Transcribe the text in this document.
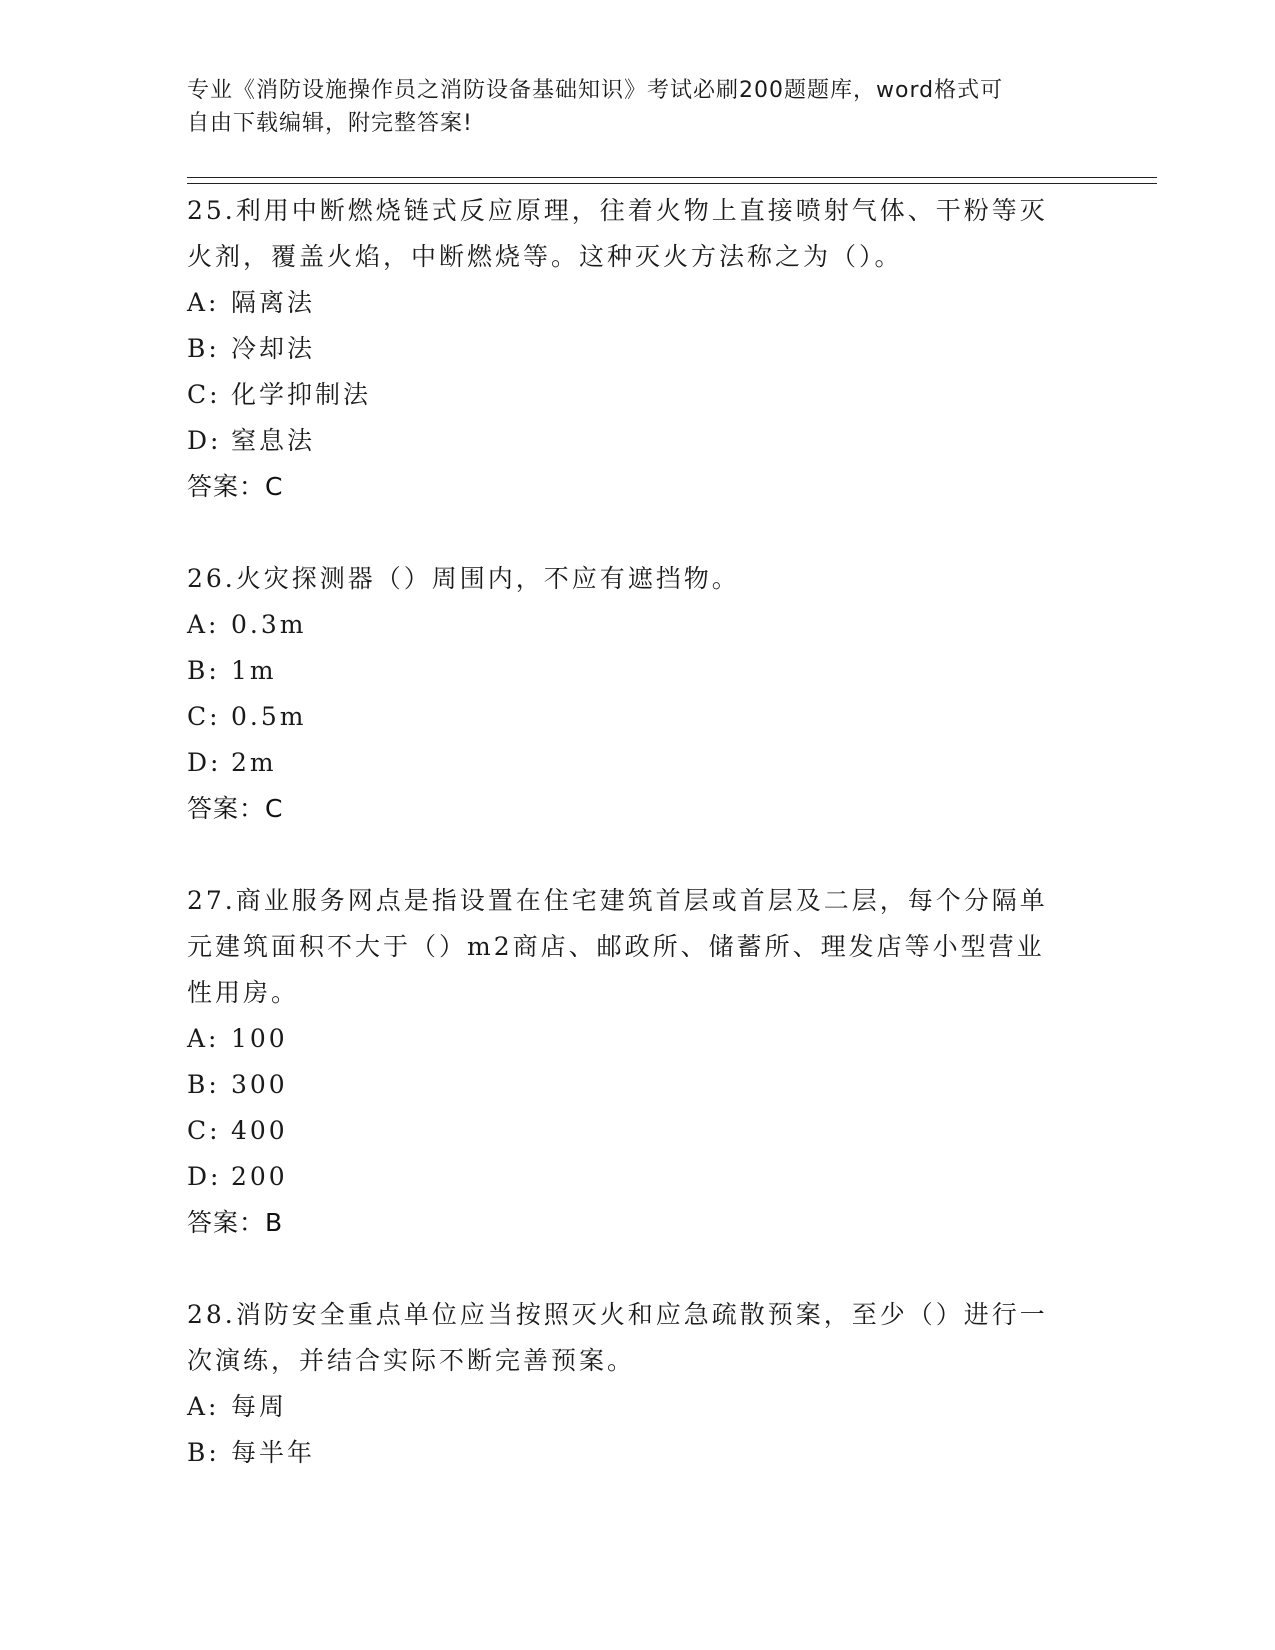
专业《消防设施操作员之消防设备基础知识》考试必刷200题题库，word格式可
自由下载编辑，附完整答案!

25.利用中断燃烧链式反应原理，往着火物上直接喷射气体、干粉等灭

火剂，覆盖火焰，中断燃烧等。这种灭火方法称之为（）。

A: 隔离法

B: 冷却法

C: 化学抑制法

D: 窒息法

答案：C

26.火灾探测器（）周围内，不应有遮挡物。

A: 0.3m

B: 1m

C: 0.5m

D: 2m

答案：C

27.商业服务网点是指设置在住宅建筑首层或首层及二层，每个分隔单

元建筑面积不大于（）m2商店、邮政所、储蓄所、理发店等小型营业

性用房。

A: 100

B: 300

C: 400

D: 200

答案：B

28.消防安全重点单位应当按照灭火和应急疏散预案，至少（）进行一

次演练，并结合实际不断完善预案。

A: 每周

B: 每半年
